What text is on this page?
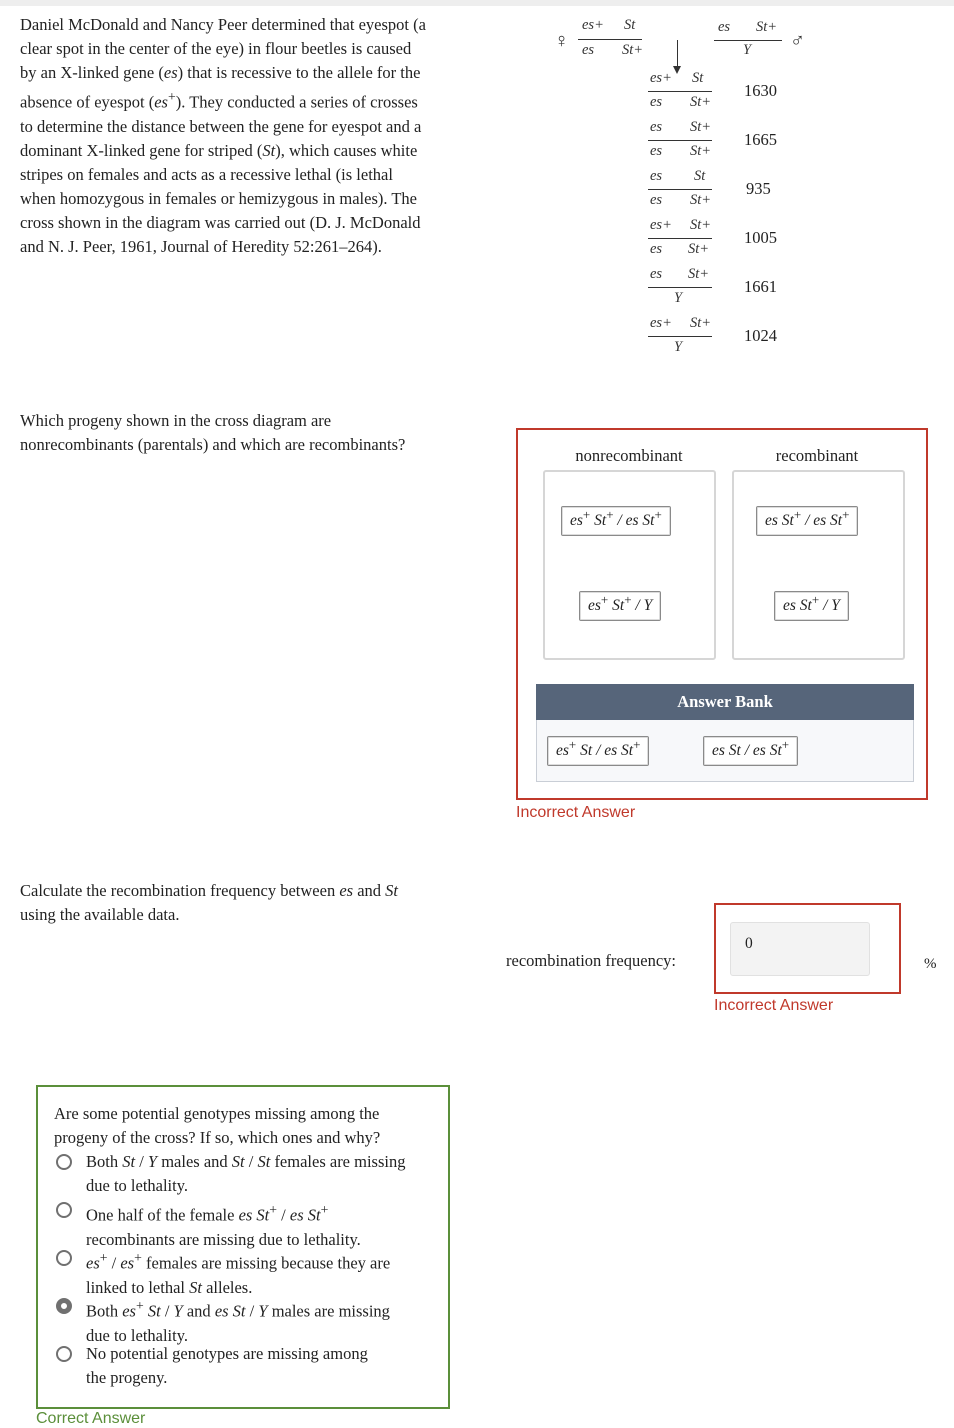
Daniel McDonald and Nancy Peer determined that eyespot (a
clear spot in the center of the eye) in flour beetles is caused
by an X-linked gene (es) that is recessive to the allele for the
absence of eyespot (es+). They conducted a series of crosses
to determine the distance between the gene for eyespot and a
dominant X-linked gene for striped (St), which causes white
stripes on females and acts as a recessive lethal (is lethal
when homozygous in females or hemizygous in males). The
cross shown in the diagram was carried out (D. J. McDonald
and N. J. Peer, 1961, Journal of Heredity 52:261–264).
♀
es+ St
es St+
es St+
Y ♂
es+ St
es St+
1630
es St+
es St+
1665
es St
es St+
935
es+ St+
es St+
1005
es St+
Y
1661
es+ St+
Y
1024
Which progeny shown in the cross diagram are
nonrecombinants (parentals) and which are recombinants?
nonrecombinant	recombinant
es+ St+ / es St+
es+ St+ / Y
es St+ / es St+
es St+ / Y
Answer Bank
es+ St / es St+	es St / es St+
Incorrect Answer
Calculate the recombination frequency between es and St
using the available data.
recombination frequency:
0
%
Incorrect Answer
Are some potential genotypes missing among the
progeny of the cross? If so, which ones and why?
Both St / Y males and St / St females are missing
due to lethality.
One half of the female es St+ / es St+
recombinants are missing due to lethality.
es+ / es+ females are missing because they are
linked to lethal St alleles.
Both es+ St / Y and es St / Y males are missing
due to lethality.
No potential genotypes are missing among
the progeny.
Correct Answer
